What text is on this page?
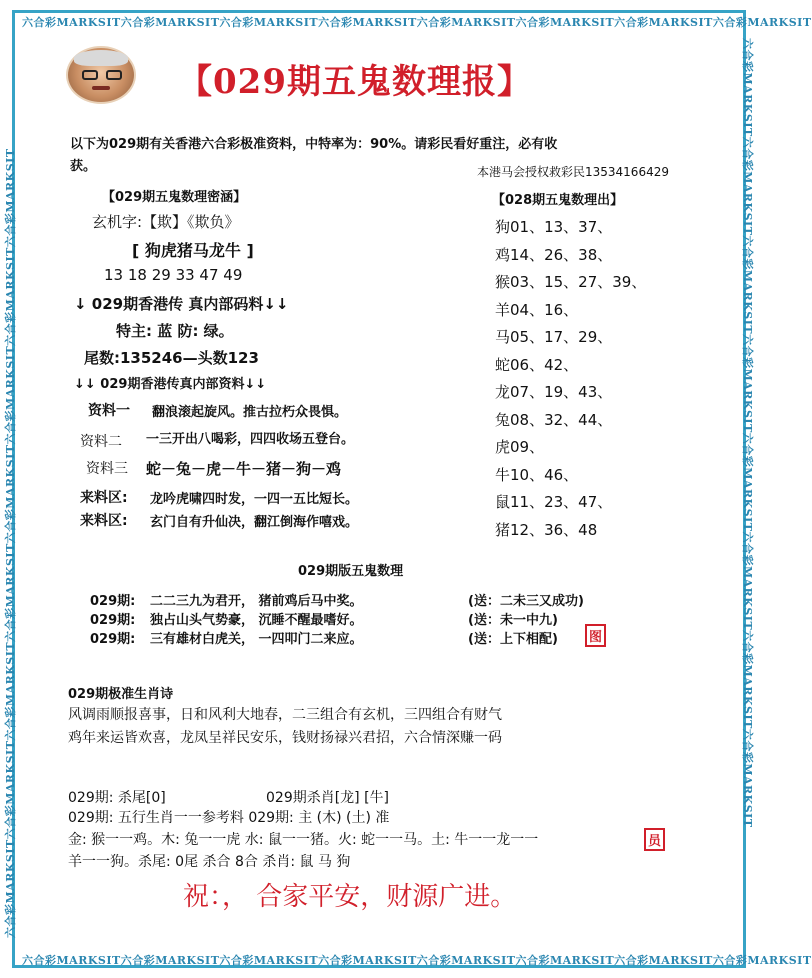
六合彩MARKSIT六合彩MARKSIT六合彩MARKSIT六合彩MARKSIT六合彩MARKSIT六合彩MARKSIT六合彩MARKSIT六合彩MARKSIT
六合彩MARKSIT六合彩MARKSIT六合彩MARKSIT六合彩MARKSIT六合彩MARKSIT六合彩MARKSIT六合彩MARKSIT六合彩MARKSIT
六合彩MARKSIT六合彩MARKSIT六合彩MARKSIT六合彩MARKSIT六合彩MARKSIT六合彩MARKSIT六合彩MARKSIT六合彩MARKSIT	六合彩MARKSIT六合彩MARKSIT六合彩MARKSIT六合彩MARKSIT六合彩MARKSIT六合彩MARKSIT六合彩MARKSIT六合彩MARKSIT
【029期五鬼数理报】
以下为029期有关香港六合彩极准资料，中特率为：90%。请彩民看好重注，必有收
获。	本港马会授权救彩民13534166429
【029期五鬼数理密涵】
玄机字:【欺】《欺负》
[ 狗虎猪马龙牛 ]
13 18 29 33 47 49
↓ 029期香港传 真内部码料↓↓
特主: 蓝 防: 绿。
尾数:135246—头数123
↓↓ 029期香港传真内部资料↓↓
资料一 翻浪滚起旋风。推古拉朽众畏惧。
资料二 一三开出八喝彩，四四收场五登台。
资料三 蛇－兔－虎－牛－猪－狗－鸡
来料区: 龙吟虎啸四时发，一四一五比短长。
来料区: 玄门自有升仙决，翻江倒海作嘻戏。
【028期五鬼数理出】
狗01、13、37、
鸡14、26、38、
猴03、15、27、39、
羊04、16、
马05、17、29、
蛇06、42、
龙07、19、43、
兔08、32、44、
虎09、
牛10、46、
鼠11、23、47、
猪12、36、48
029期版五鬼数理
029期: 二二三九为君开， 猪前鸡后马中奖。	(送：二未三又成功)
029期: 独占山头气势豪， 沉睡不醒最嗜好。	(送：未一中九)
029期: 三有雄材白虎关， 一四叩门二来应。	(送：上下相配)	图
029期极准生肖诗
风调雨顺报喜事，日和风利大地春，二三组合有玄机，三四组合有财气
鸡年来运皆欢喜，龙凤呈祥民安乐，钱财扬禄兴君招，六合情深赚一码
029期: 杀尾[0]	029期杀肖[龙] [牛]
029期: 五行生肖一一参考料 029期: 主 (木) (土) 准
金: 猴一一鸡。木: 兔一一虎 水: 鼠一一猪。火: 蛇一一马。土: 牛一一龙一一
羊一一狗。杀尾: 0尾 杀合 8合 杀肖: 鼠 马 狗
员
祝：， 合家平安，财源广进。
